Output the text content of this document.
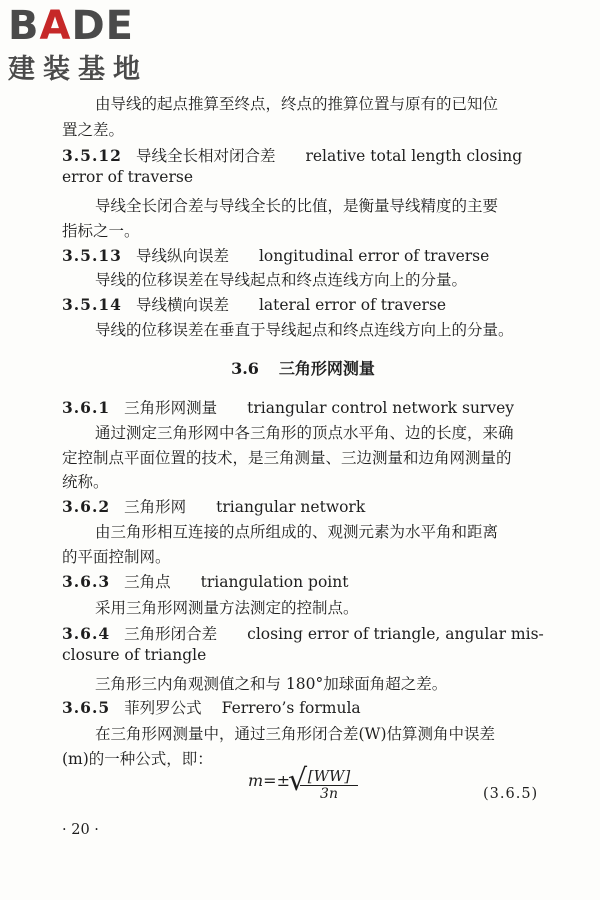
BADE
建装基地
由导线的起点推算至终点，终点的推算位置与原有的已知位
置之差。
3.5.12 导线全长相对闭合差 relative total length closing
error of traverse
导线全长闭合差与导线全长的比值，是衡量导线精度的主要
指标之一。
3.5.13 导线纵向误差 longitudinal error of traverse
导线的位移误差在导线起点和终点连线方向上的分量。
3.5.14 导线横向误差 lateral error of traverse
导线的位移误差在垂直于导线起点和终点连线方向上的分量。
3.6 三角形网测量
3.6.1 三角形网测量 triangular control network survey
通过测定三角形网中各三角形的顶点水平角、边的长度，来确
定控制点平面位置的技术，是三角测量、三边测量和边角网测量的
统称。
3.6.2 三角形网 triangular network
由三角形相互连接的点所组成的、观测元素为水平角和距离
的平面控制网。
3.6.3 三角点 triangulation point
采用三角形网测量方法测定的控制点。
3.6.4 三角形闭合差 closing error of triangle, angular mis-
closure of triangle
三角形三内角观测值之和与 180°加球面角超之差。
3.6.5 菲列罗公式 Ferrero’s formula
在三角形网测量中，通过三角形闭合差(W)估算测角中误差
(m)的一种公式，即：
m=±
√
$\frac{[WW]}{3n}$	(3.6.5)
· 20 ·
